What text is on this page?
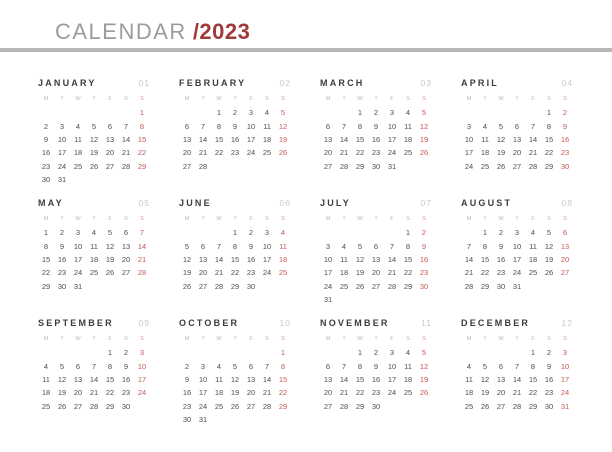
CALENDAR /2023
JANUARY	01
M	T	W	T	F	S	S
						1
2	3	4	5	6	7	8
9	10	11	12	13	14	15
16	17	18	19	20	21	22
23	24	25	26	27	28	29
30	31					
FEBRUARY	02
M	T	W	T	F	S	S
		1	2	3	4	5
6	7	8	9	10	11	12
13	14	15	16	17	18	19
20	21	22	23	24	25	26
27	28					
MARCH	03
M	T	W	T	F	S	S
		1	2	3	4	5
6	7	8	9	10	11	12
13	14	15	16	17	18	19
20	21	22	23	24	25	26
27	28	29	30	31		
APRIL	04
M	T	W	T	F	S	S
					1	2
3	4	5	6	7	8	9
10	11	12	13	14	15	16
17	18	19	20	21	22	23
24	25	26	27	28	29	30
MAY	05
M	T	W	T	F	S	S
1	2	3	4	5	6	7
8	9	10	11	12	13	14
15	16	17	18	19	20	21
22	23	24	25	26	27	28
29	30	31				
JUNE	06
M	T	W	T	F	S	S
			1	2	3	4
5	6	7	8	9	10	11
12	13	14	15	16	17	18
19	20	21	22	23	24	25
26	27	28	29	30		
JULY	07
M	T	W	T	F	S	S
					1	2
3	4	5	6	7	8	9
10	11	12	13	14	15	16
17	18	19	20	21	22	23
24	25	26	27	28	29	30
31						
AUGUST	08
M	T	W	T	F	S	S
	1	2	3	4	5	6
7	8	9	10	11	12	13
14	15	16	17	18	19	20
21	22	23	24	25	26	27
28	29	30	31			
SEPTEMBER	09
M	T	W	T	F	S	S
				1	2	3
4	5	6	7	8	9	10
11	12	13	14	15	16	17
18	19	20	21	22	23	24
25	26	27	28	29	30	
OCTOBER	10
M	T	W	T	F	S	S
						1
2	3	4	5	6	7	8
9	10	11	12	13	14	15
16	17	18	19	20	21	22
23	24	25	26	27	28	29
30	31					
NOVEMBER	11
M	T	W	T	F	S	S
		1	2	3	4	5
6	7	8	9	10	11	12
13	14	15	16	17	18	19
20	21	22	23	24	25	26
27	28	29	30			
DECEMBER	12
M	T	W	T	F	S	S
				1	2	3
4	5	6	7	8	9	10
11	12	13	14	15	16	17
18	19	20	21	22	23	24
25	26	27	28	29	30	31
